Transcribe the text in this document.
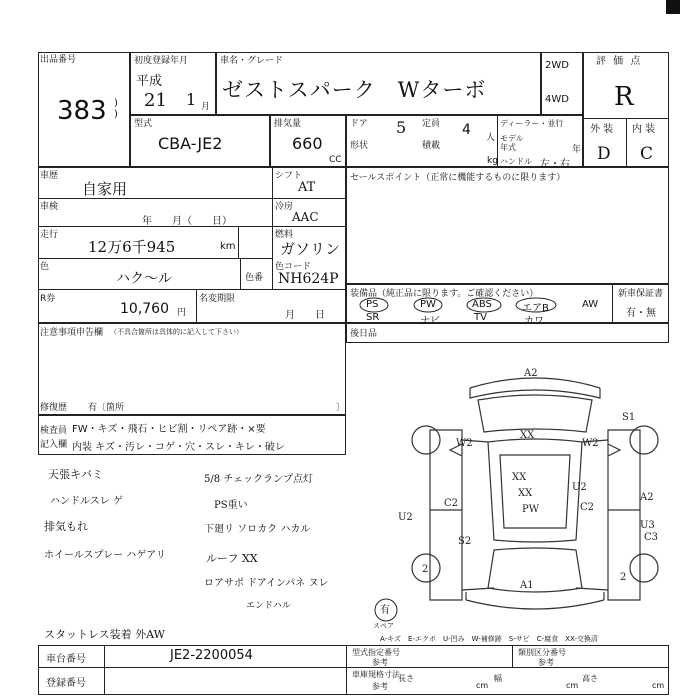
出品番号
383 )
)
初度登録年月
平成
21 1 月
車名・グレード
ゼストスパーク　Wターボ
2WD
4WD
評 価 点
R
外 装 内 装
D C
型式
CBA-JE2
排気量
660
CC
ドア 5 定員 4 人
形状	積載
kg
ディーラー・並行
モデル年式	年
ハンドル 左・右
車歴
自家用
車検
年　　月（　　日）
走行
12万6千945	km
色
ハク〜ル	色番
R券
10,760 円
名変期限
月　　日
シフト
AT
冷房
AAC
燃料
ガソリン
色コード
NH624P
セールスポイント（正常に機能するものに限ります）
装備品（純正品に限ります。ご確認ください）	新車保証書
有・無
PS	PW	ABS	エアB	AW
SR	ナビ	TV	カワ
注意事項申告欄 （不具合箇所は具体的に記入して下さい）
修復歴 有〔箇所	〕
後日品
検査員
記入欄
FW・キズ・飛石・ヒビ割・リペア跡・×要
内装 キズ・汚レ・コゲ・穴・スレ・キレ・破レ
天張キバミ
ハンドルスレ ゲ
排気もれ
ホイールスプレー ハゲアリ
5/8 チェックランプ点灯
PS重い
下廻リ ソロカク ハカル
ルーフ XX
ロアサポ ドアインパネ ヌレ
エンドハル
スタットレス装着 外AW
A2
S1
XX
W2	W2
XX
C2
U2
XX
PW
U2
A2
C2
S2
U3
C3
2
2
A1
有
スペア
A-キズ　E-エクボ　U-凹み　W-補修跡　S-サビ　C-腐食　XX-交換済
車台番号	JE2-2200054
登録番号
型式指定番号
参考
類別区分番号
参考
車庫規格寸法
参考
長さ
cm
幅
cm
高さ
cm
